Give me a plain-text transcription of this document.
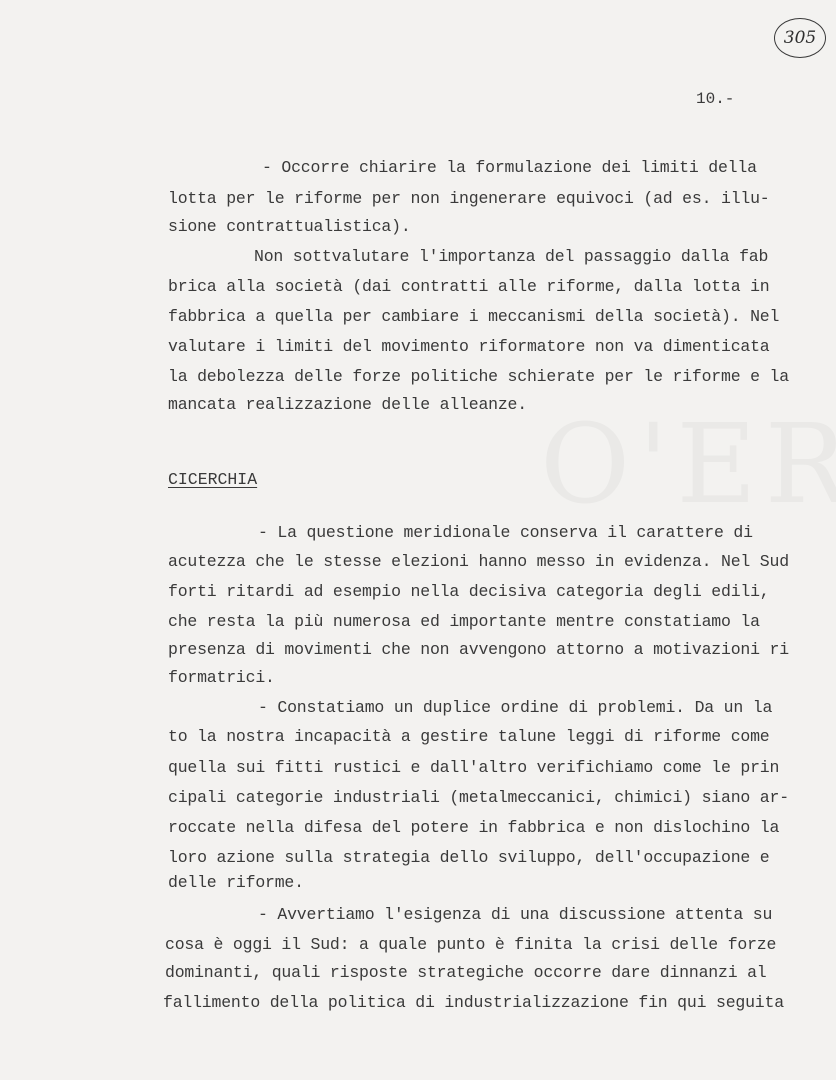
305
10.-
- Occorre chiarire la formulazione dei limiti della
lotta per le riforme per non ingenerare equivoci (ad es. illu-
sione contrattualistica).
Non sottvalutare l'importanza del passaggio dalla fab
brica alla società (dai contratti alle riforme, dalla lotta in
fabbrica a quella per cambiare i meccanismi della società). Nel
valutare i limiti del movimento riformatore non va dimenticata
la debolezza delle forze politiche schierate per le riforme e la
mancata realizzazione delle alleanze.
CICERCHIA
- La questione meridionale conserva il carattere di
acutezza che le stesse elezioni hanno messo in evidenza. Nel Sud
forti ritardi ad esempio nella decisiva categoria degli edili,
che resta la più numerosa ed importante mentre constatiamo la
presenza di movimenti che non avvengono attorno a motivazioni ri
formatrici.
- Constatiamo un duplice ordine di problemi. Da un la
to la nostra incapacità a gestire talune leggi di riforme come
quella sui fitti rustici e dall'altro verifichiamo come le prin
cipali categorie industriali (metalmeccanici, chimici) siano ar-
roccate nella difesa del potere in fabbrica e non dislochino la
loro azione sulla strategia dello sviluppo, dell'occupazione e
delle riforme.
- Avvertiamo l'esigenza di una discussione attenta su
cosa è oggi il Sud: a quale punto è finita la crisi delle forze
dominanti, quali risposte strategiche occorre dare dinnanzi al
fallimento della politica di industrializzazione fin qui seguita
